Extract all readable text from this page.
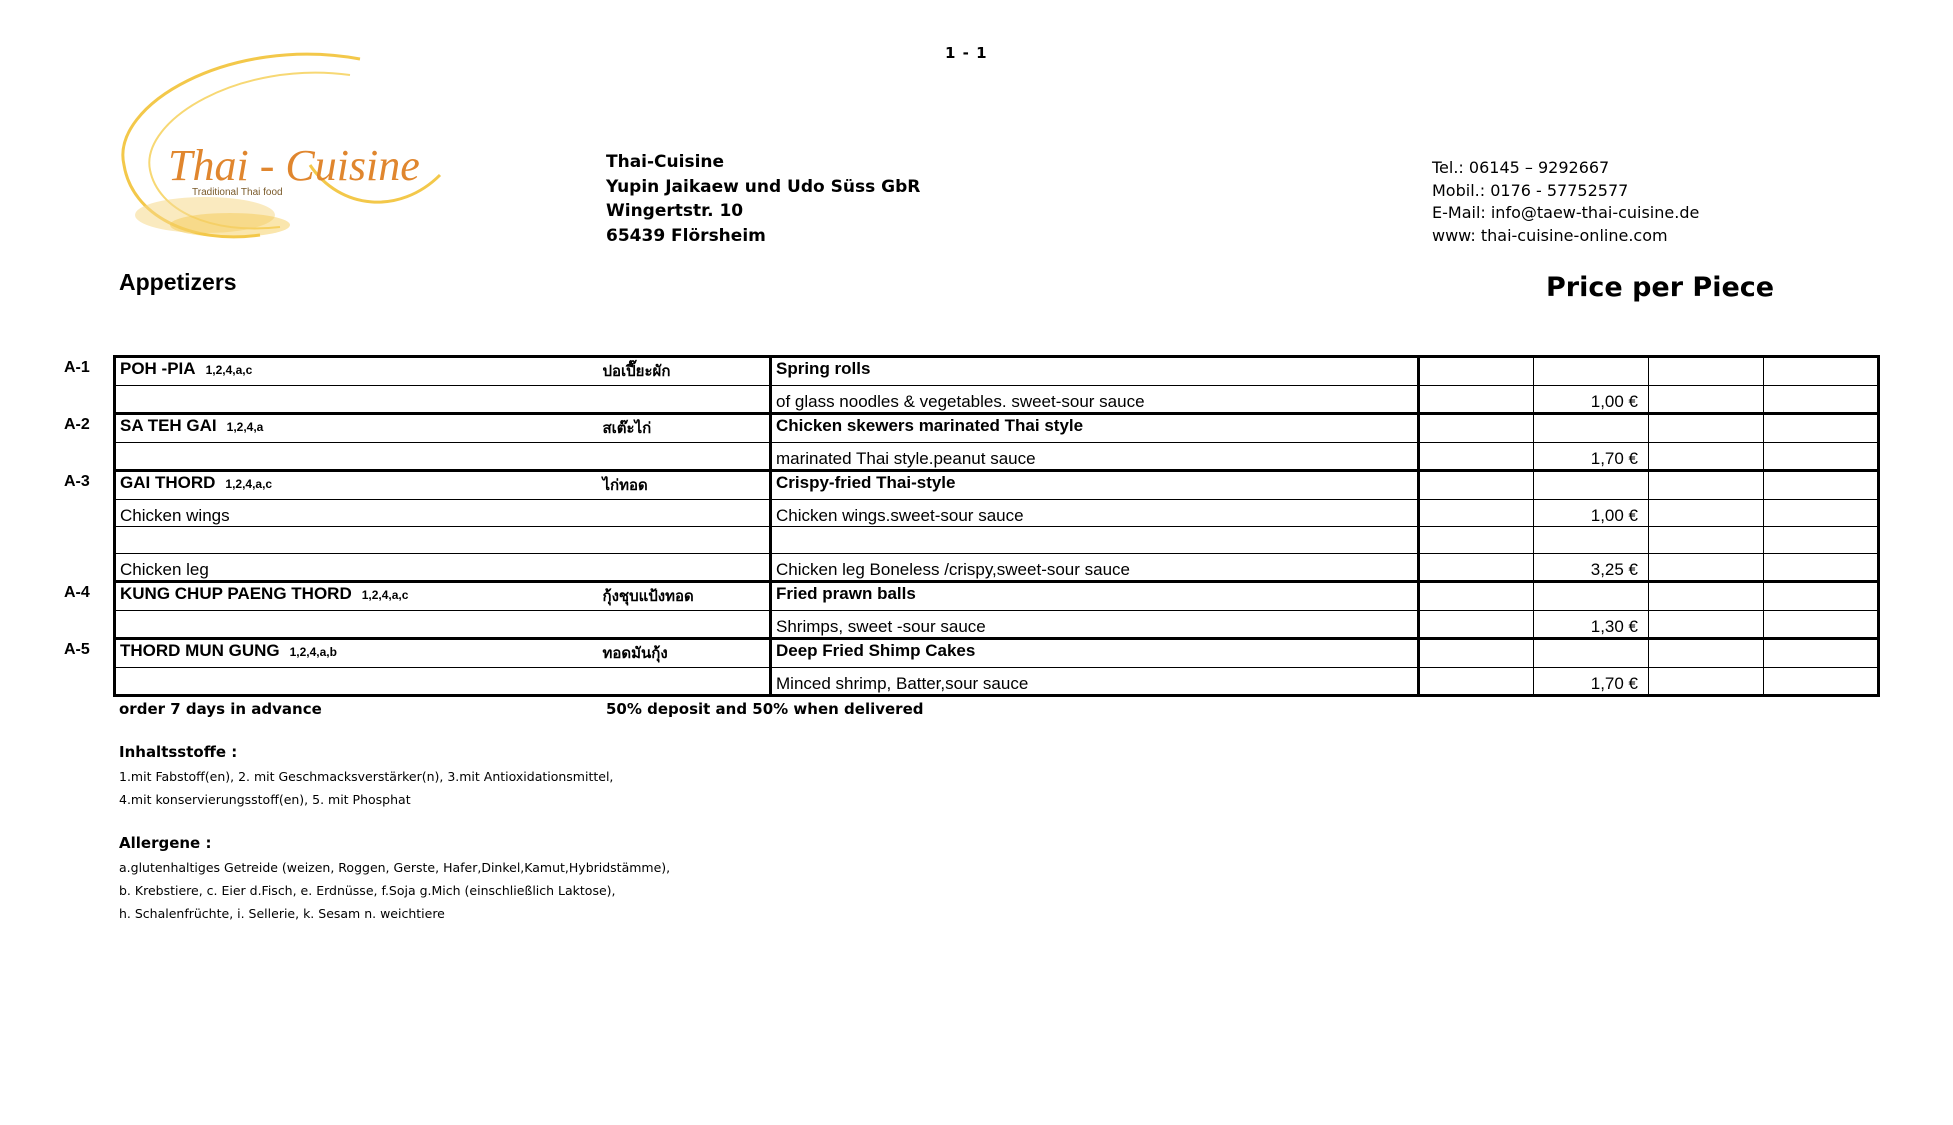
1 - 1
Thai - Cuisine
Traditional Thai food
Thai-Cuisine
Yupin Jaikaew und Udo Süss GbR
Wingertstr. 10
65439 Flörsheim
Tel.: 06145 – 9292667
Mobil.: 0176 - 57752577
E-Mail: info@taew-thai-cuisine.de
www: thai-cuisine-online.com
Appetizers	Price per Piece
A-1
A-2
A-3
A-4
A-5
POH -PIA 1,2,4,a,c	ปอเปี๊ยะผัก	Spring rolls				
		of glass noodles & vegetables. sweet-sour sauce		1,00 €		
SA TEH GAI 1,2,4,a	สเต๊ะไก่	Chicken skewers marinated Thai style				
		marinated Thai style.peanut sauce		1,70 €		
GAI THORD 1,2,4,a,c	ไก่ทอด	Crispy-fried Thai-style				
Chicken wings		Chicken wings.sweet-sour sauce		1,00 €		

Chicken leg		Chicken leg Boneless /crispy,sweet-sour sauce		3,25 €		
KUNG CHUP PAENG THORD 1,2,4,a,c	กุ้งชุบแป้งทอด	Fried prawn balls				
		Shrimps, sweet -sour sauce		1,30 €		
THORD MUN GUNG 1,2,4,a,b	ทอดมันกุ้ง	Deep Fried Shimp Cakes				
		Minced shrimp, Batter,sour sauce		1,70 €		
order 7 days in advance	50% deposit and 50% when delivered
Inhaltsstoffe :
1.mit Fabstoff(en), 2. mit Geschmacksverstärker(n), 3.mit Antioxidationsmittel,
4.mit konservierungsstoff(en), 5. mit Phosphat
Allergene :
a.glutenhaltiges Getreide (weizen, Roggen, Gerste, Hafer,Dinkel,Kamut,Hybridstämme),
b. Krebstiere, c. Eier d.Fisch, e. Erdnüsse, f.Soja g.Mich (einschließlich Laktose),
h. Schalenfrüchte, i. Sellerie, k. Sesam n. weichtiere
